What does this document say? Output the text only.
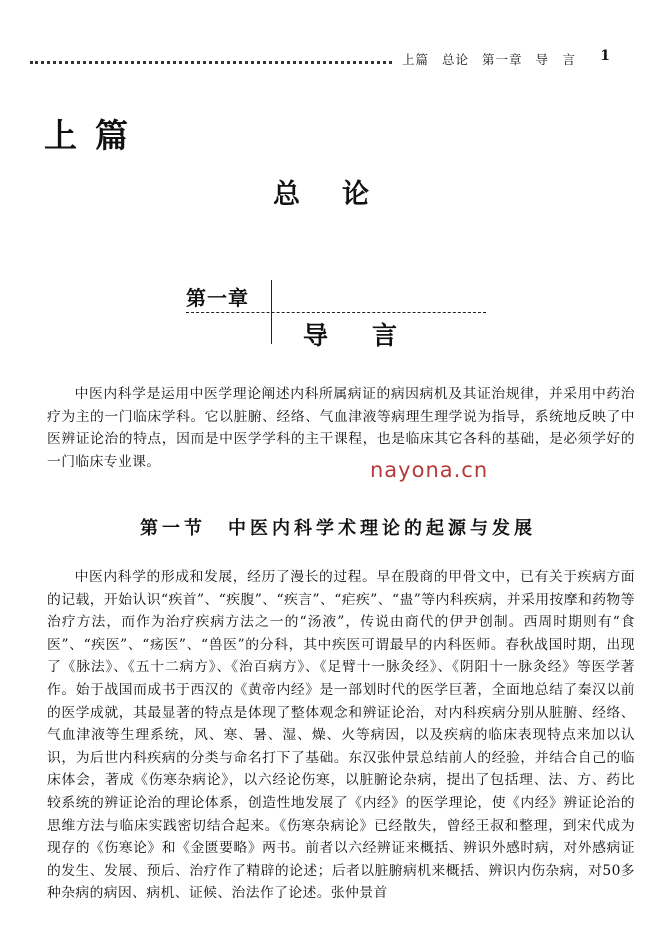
上篇 总论 第一章 导　言	1
上篇
总论
第一章
导言

中医内科学是运用中医学理论阐述内科所属病证的病因病机及其证治规律，并采用中药治疗为主的一门临床学科。它以脏腑、经络、气血津液等病理生理学说为指导，系统地反映了中医辨证论治的特点，因而是中医学学科的主干课程，也是临床其它各科的基础，是必须学好的一门临床专业课。	nayona.cn
第一节 中医内科学术理论的起源与发展

中医内科学的形成和发展，经历了漫长的过程。早在殷商的甲骨文中，已有关于疾病方面的记载，开始认识“疾首”、“疾腹”、“疾言”、“疟疾”、“蛊”等内科疾病，并采用按摩和药物等治疗方法，而作为治疗疾病方法之一的“汤液”，传说由商代的伊尹创制。西周时期则有“食医”、“疾医”、“疡医”、“兽医”的分科，其中疾医可谓最早的内科医师。春秋战国时期，出现了《脉法》、《五十二病方》、《治百病方》、《足臂十一脉灸经》、《阴阳十一脉灸经》等医学著作。始于战国而成书于西汉的《黄帝内经》是一部划时代的医学巨著，全面地总结了秦汉以前的医学成就，其最显著的特点是体现了整体观念和辨证论治，对内科疾病分别从脏腑、经络、气血津液等生理系统，风、寒、暑、湿、燥、火等病因，以及疾病的临床表现特点来加以认识，为后世内科疾病的分类与命名打下了基础。东汉张仲景总结前人的经验，并结合自己的临床体会，著成《伤寒杂病论》，以六经论伤寒，以脏腑论杂病，提出了包括理、法、方、药比较系统的辨证论治的理论体系，创造性地发展了《内经》的医学理论，使《内经》辨证论治的思维方法与临床实践密切结合起来。《伤寒杂病论》已经散失，曾经王叔和整理，到宋代成为现存的《伤寒论》和《金匮要略》两书。前者以六经辨证来概括、辨识外感时病，对外感病证的发生、发展、预后、治疗作了精辟的论述；后者以脏腑病机来概括、辨识内伤杂病，对50多种杂病的病因、病机、证候、治法作了论述。张仲景首
